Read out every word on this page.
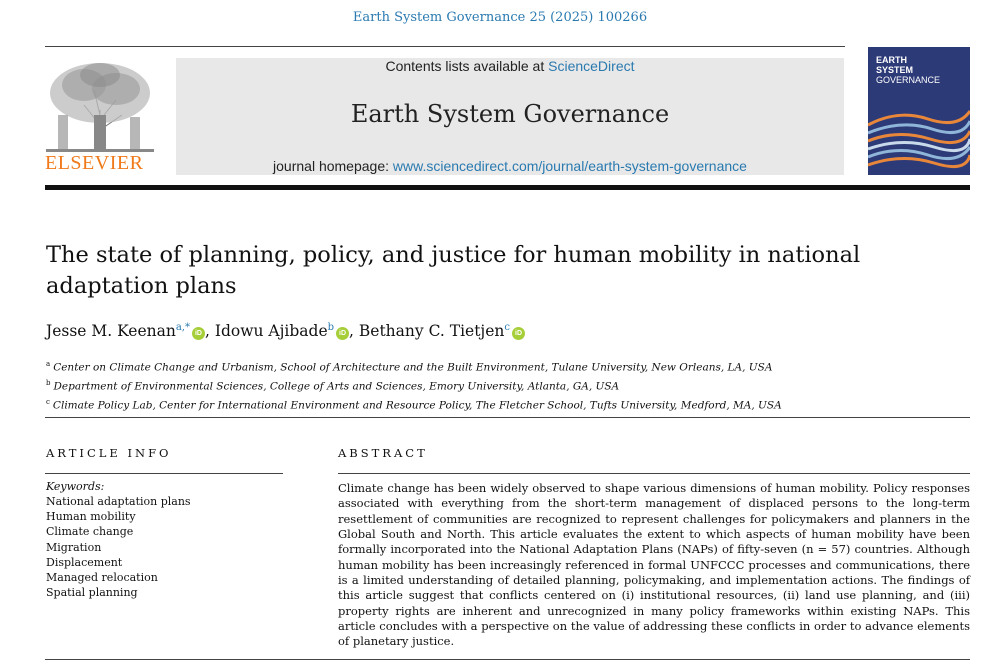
Earth System Governance 25 (2025) 100266
ELSEVIER
Contents lists available at ScienceDirect
Earth System Governance
journal homepage: www.sciencedirect.com/journal/earth-system-governance
EARTH
SYSTEM
GOVERNANCE
The state of planning, policy, and justice for human mobility in national adaptation plans
Jesse M. Keenan$^{a,*}$iD , Idowu Ajibade$^b$iD , Bethany C. Tietjen$^c$iD
$^a$ Center on Climate Change and Urbanism, School of Architecture and the Built Environment, Tulane University, New Orleans, LA, USA
$^b$ Department of Environmental Sciences, College of Arts and Sciences, Emory University, Atlanta, GA, USA
$^c$ Climate Policy Lab, Center for International Environment and Resource Policy, The Fletcher School, Tufts University, Medford, MA, USA
ARTICLE INFO
Keywords:
National adaptation plans
Human mobility
Climate change
Migration
Displacement
Managed relocation
Spatial planning
ABSTRACT
Climate change has been widely observed to shape various dimensions of human mobility. Policy responses associated with everything from the short-term management of displaced persons to the long-term resettlement of communities are recognized to represent challenges for policymakers and planners in the Global South and North. This article evaluates the extent to which aspects of human mobility have been formally incorporated into the National Adaptation Plans (NAPs) of fifty-seven (n = 57) countries. Although human mobility has been increasingly referenced in formal UNFCCC processes and communications, there is a limited understanding of detailed planning, policymaking, and implementation actions. The findings of this article suggest that conflicts centered on (i) institutional resources, (ii) land use planning, and (iii) property rights are inherent and unrecognized in many policy frameworks within existing NAPs. This article concludes with a perspective on the value of addressing these conflicts in order to advance elements of planetary justice.
